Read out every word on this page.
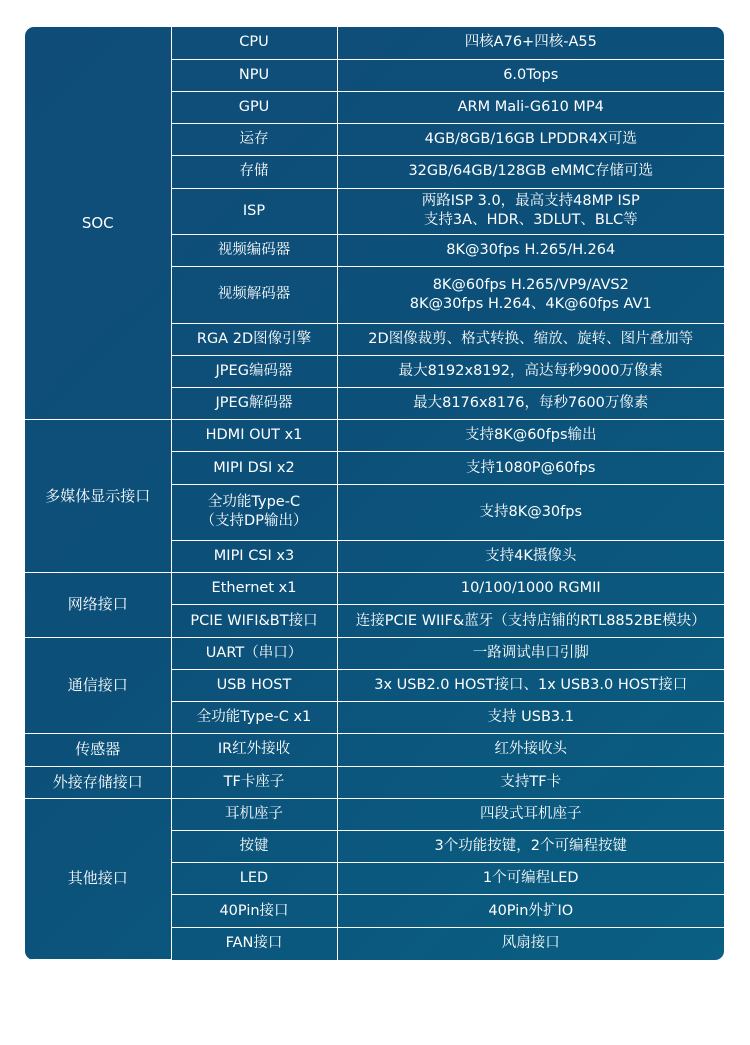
SOC	CPU	四核A76+四核-A55
	NPU	6.0Tops
	GPU	ARM Mali-G610 MP4
	运存	4GB/8GB/16GB LPDDR4X可选
	存储	32GB/64GB/128GB eMMC存储可选
	ISP	两路ISP 3.0，最高支持48MP ISP
支持3A、HDR、3DLUT、BLC等
	视频编码器	8K@30fps H.265/H.264
	视频解码器	8K@60fps H.265/VP9/AVS2
8K@30fps H.264、4K@60fps AV1
	RGA 2D图像引擎	2D图像裁剪、格式转换、缩放、旋转、图片叠加等
	JPEG编码器	最大8192x8192，高达每秒9000万像素
	JPEG解码器	最大8176x8176，每秒7600万像素
多媒体显示接口	HDMI OUT x1	支持8K@60fps输出
	MIPI DSI x2	支持1080P@60fps
	全功能Type-C
（支持DP输出）	支持8K@30fps
	MIPI CSI x3	支持4K摄像头
网络接口	Ethernet x1	10/100/1000 RGMII
	PCIE WIFI&BT接口	连接PCIE WIIF&蓝牙（支持店铺的RTL8852BE模块）
通信接口	UART（串口）	一路调试串口引脚
	USB HOST	3x USB2.0 HOST接口、1x USB3.0 HOST接口
	全功能Type-C x1	支持 USB3.1
传感器	IR红外接收	红外接收头
外接存储接口	TF卡座子	支持TF卡
其他接口	耳机座子	四段式耳机座子
	按键	3个功能按键，2个可编程按键
	LED	1个可编程LED
	40Pin接口	40Pin外扩IO
	FAN接口	风扇接口
